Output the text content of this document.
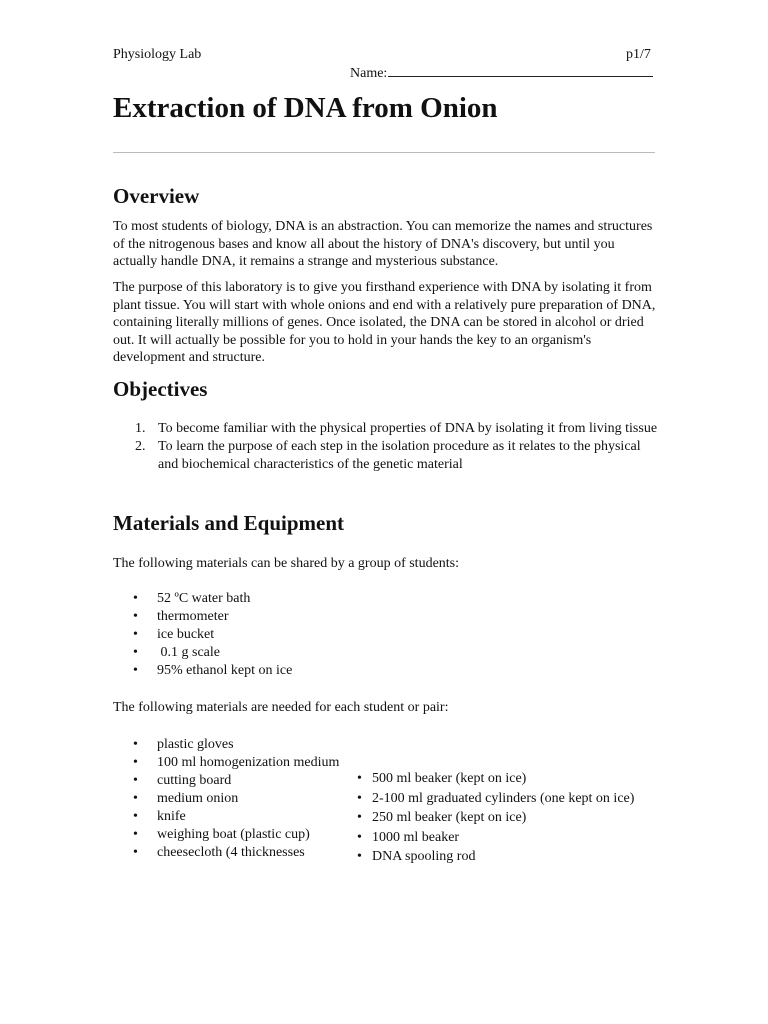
Physiology Lab	p1/7
Name:
Extraction of DNA from Onion
Overview

To most students of biology, DNA is an abstraction. You can memorize the names and structures of the nitrogenous bases and know all about the history of DNA's discovery, but until you actually handle DNA, it remains a strange and mysterious substance.

The purpose of this laboratory is to give you firsthand experience with DNA by isolating it from plant tissue. You will start with whole onions and end with a relatively pure preparation of DNA, containing literally millions of genes. Once isolated, the DNA can be stored in alcohol or dried out. It will actually be possible for you to hold in your hands the key to an organism's development and structure.

Objectives
1. To become familiar with the physical properties of DNA by isolating it from living tissue
2. To learn the purpose of each step in the isolation procedure as it relates to the physical and biochemical characteristics of the genetic material
Materials and Equipment

The following materials can be shared by a group of students:

• 52 ºC water bath
• thermometer
• ice bucket
• 0.1 g scale
• 95% ethanol kept on ice

The following materials are needed for each student or pair:

• plastic gloves
• 100 ml homogenization medium
• cutting board
• medium onion
• knife
• weighing boat (plastic cup)
• cheesecloth (4 thicknesses
• 500 ml beaker (kept on ice)
• 2-100 ml graduated cylinders (one kept on ice)
• 250 ml beaker (kept on ice)
• 1000 ml beaker
• DNA spooling rod
